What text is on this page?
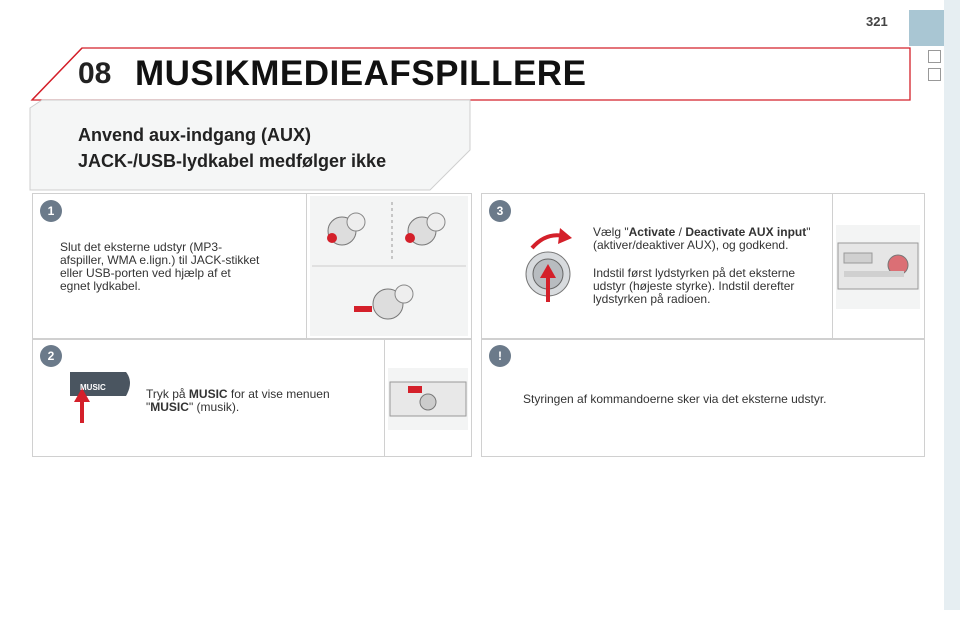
321
08 MUSIKMEDIEAFSPILLERE
Anvend aux-indgang (AUX)
JACK-/USB-lydkabel medfølger ikke
1
Slut det eksterne udstyr (MP3-afspiller, WMA e.lign.) til JACK-stikket eller USB-porten ved hjælp af et egnet lydkabel.
2
MUSIC	Tryk på MUSIC for at vise menuen "MUSIC" (musik).
3
Vælg "Activate / Deactivate AUX input" (aktiver/deaktiver AUX), og godkend.
Indstil først lydstyrken på det eksterne udstyr (højeste styrke). Indstil derefter lydstyrken på radioen.
!
Styringen af kommandoerne sker via det eksterne udstyr.
